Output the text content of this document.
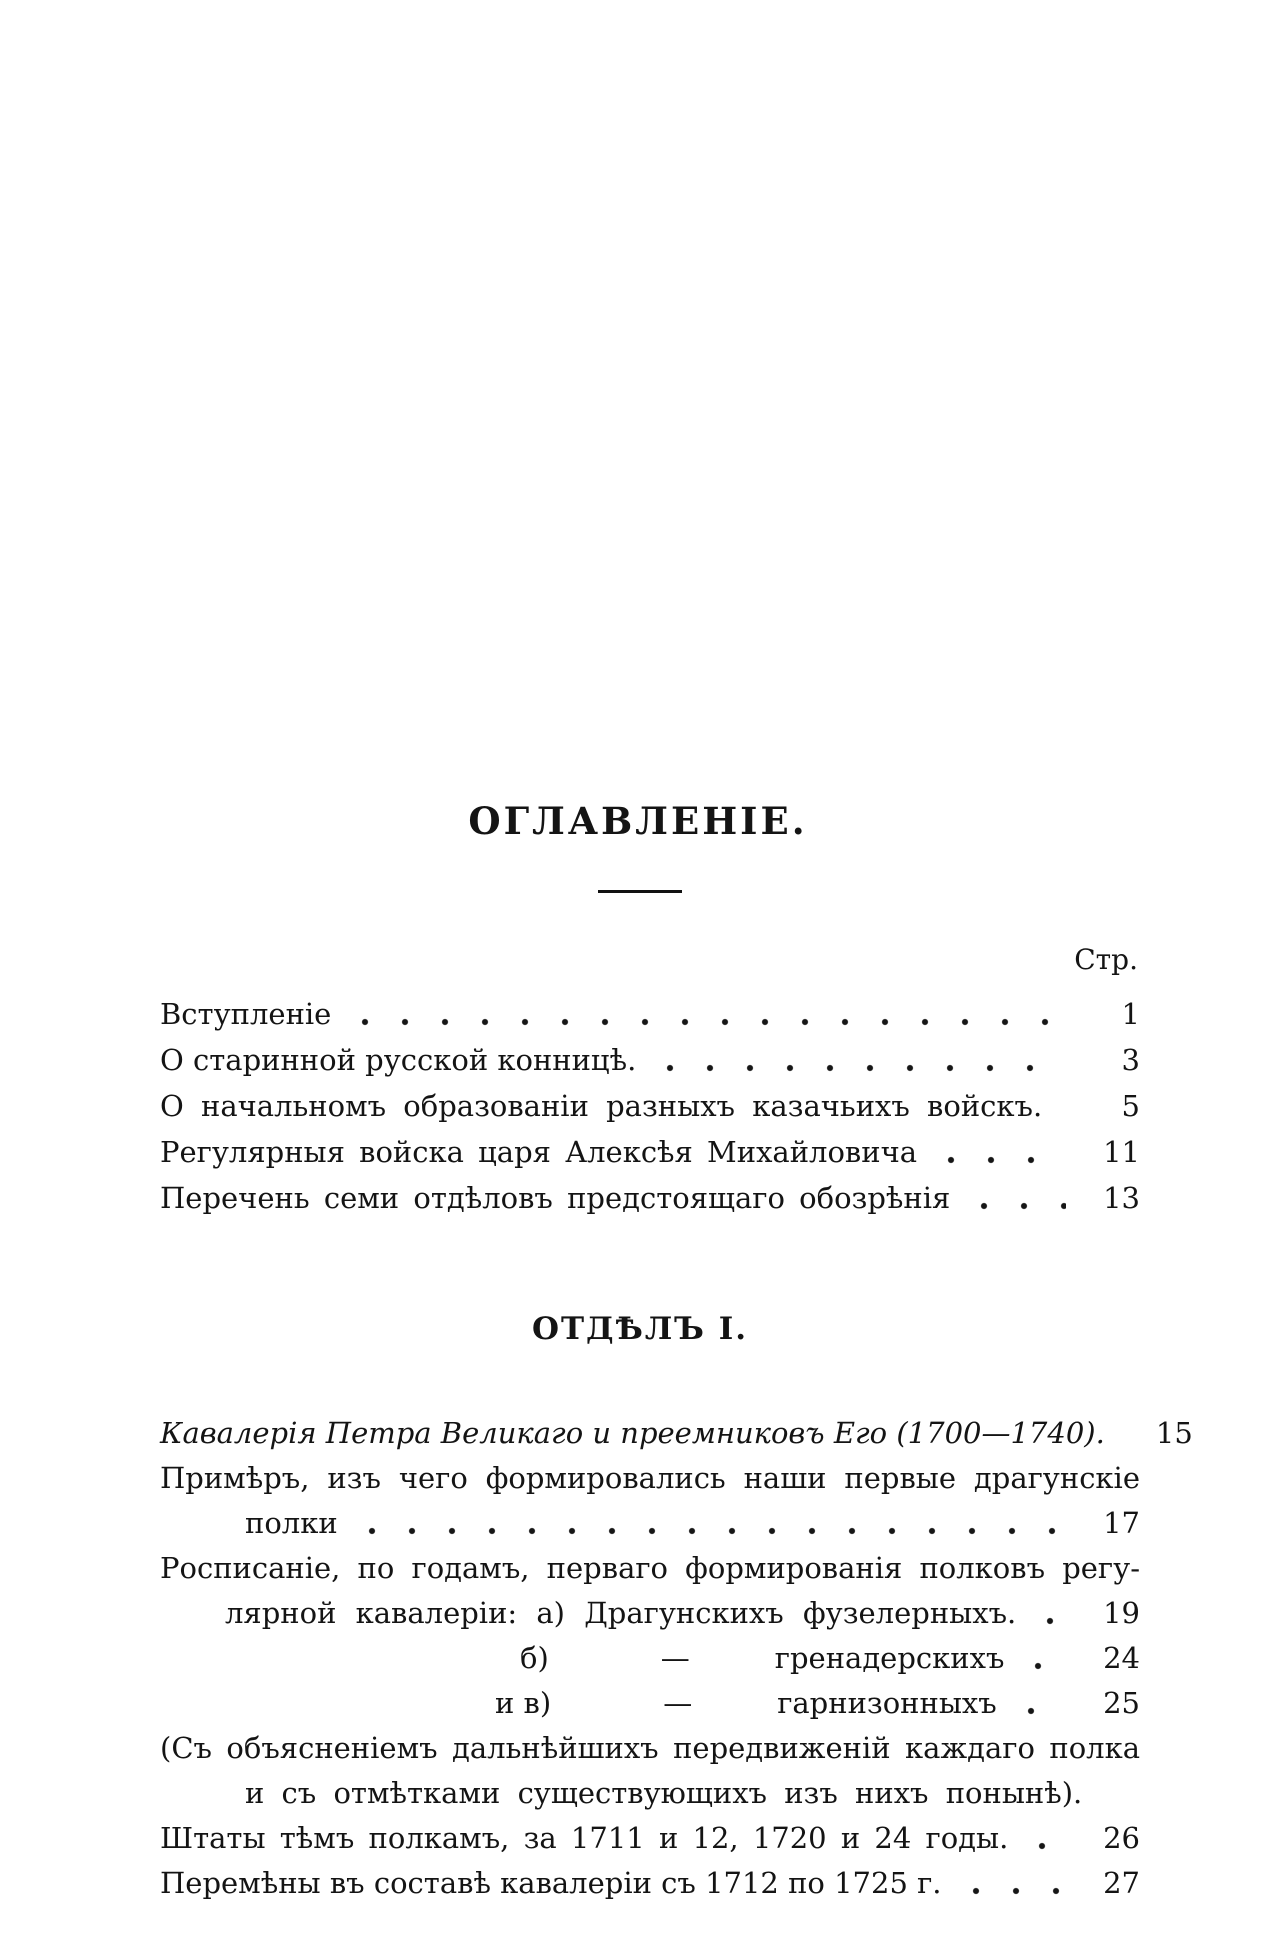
ОГЛАВЛЕНІЕ.
Стр.
Вступленіе	1
О старинной русской конницѣ.	3
О начальномъ образованіи разныхъ казачьихъ войскъ.	5
Регулярныя войска царя Алексѣя Михайловича	11
Перечень семи отдѣловъ предстоящаго обозрѣнія	13
ОТДѢЛЪ I.
Кавалерія Петра Великаго и преемниковъ Его (1700—1740).	15
Примѣръ, изъ чего формировались наши первые драгунскіе
полки	17
Росписаніе, по годамъ, перваго формированія полковъ регу-
лярной кавалеріи: а) Драгунскихъ фузелерныхъ.	19
б)	—	гренадерскихъ	24
и в)	—	гарнизонныхъ	25
(Съ объясненіемъ дальнѣйшихъ передвиженій каждаго полка
и съ отмѣтками существующихъ изъ нихъ понынѣ).
Штаты тѣмъ полкамъ, за 1711 и 12, 1720 и 24 годы.	26
Перемѣны въ составѣ кавалеріи съ 1712 по 1725 г.	27
